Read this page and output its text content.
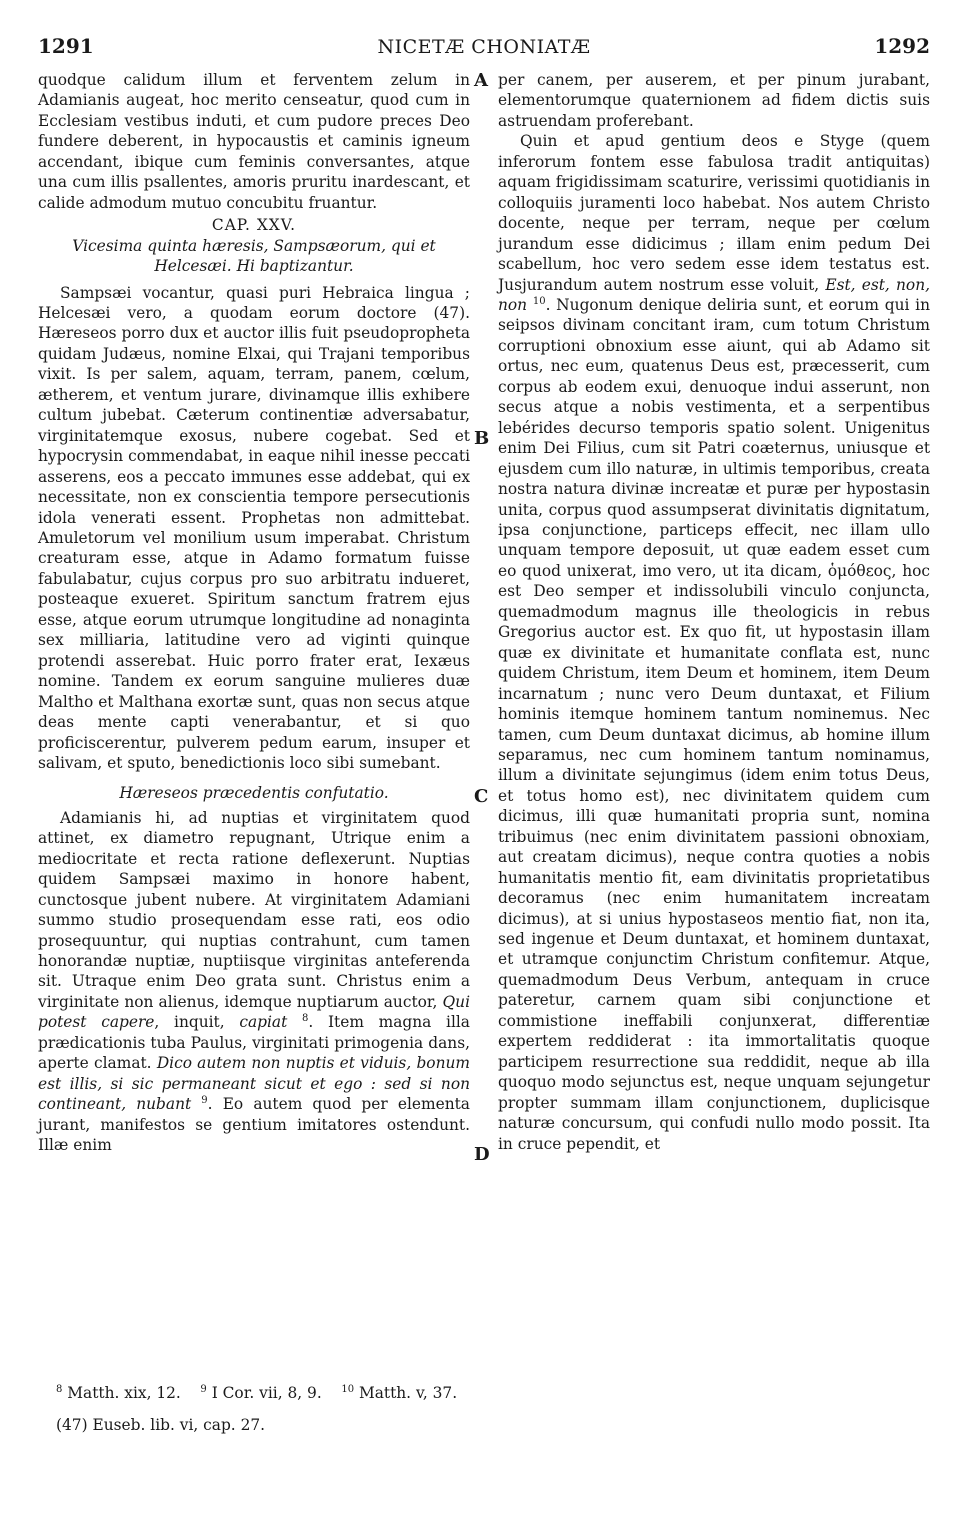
1291	NICETÆ CHONIATÆ	1292

quodque calidum illum et ferventem zelum in Adamianis augeat, hoc merito censeatur, quod cum in Ecclesiam vestibus induti, et cum pudore preces Deo fundere deberent, in hypocaustis et caminis igneum accendant, ibique cum feminis conversantes, atque una cum illis psallentes, amoris pruritu inardescant, et calide admodum mutuo concubitu fruantur.

CAP. XXV.
Vicesima quinta hæresis, Sampsæorum, qui et Helcesæi. Hi baptizantur.

Sampsæi vocantur, quasi puri Hebraica lingua ; Helcesæi vero, a quodam eorum doctore (47). Hæreseos porro dux et auctor illis fuit pseudopropheta quidam Judæus, nomine Elxai, qui Trajani temporibus vixit. Is per salem, aquam, terram, panem, cœlum, ætherem, et ventum jurare, divinamque illis exhibere cultum jubebat. Cæterum continentiæ adversabatur, virginitatemque exosus, nubere cogebat. Sed et hypocrysin commendabat, in eaque nihil inesse peccati asserens, eos a peccato immunes esse addebat, qui ex necessitate, non ex conscientia tempore persecutionis idola venerati essent. Prophetas non admittebat. Amuletorum vel monilium usum imperabat. Christum creaturam esse, atque in Adamo formatum fuisse fabulabatur, cujus corpus pro suo arbitratu indueret, posteaque exueret. Spiritum sanctum fratrem ejus esse, atque eorum utrumque longitudine ad nonaginta sex milliaria, latitudine vero ad viginti quinque protendi asserebat. Huic porro frater erat, Iexæus nomine. Tandem ex eorum sanguine mulieres duæ Maltho et Malthana exortæ sunt, quas non secus atque deas mente capti venerabantur, et si quo proficiscerentur, pulverem pedum earum, insuper et salivam, et sputo, benedictionis loco sibi sumebant.

Hæreseos præcedentis confutatio.

Adamianis hi, ad nuptias et virginitatem quod attinet, ex diametro repugnant, Utrique enim a mediocritate et recta ratione deflexerunt. Nuptias quidem Sampsæi maximo in honore habent, cunctosque jubent nubere. At virginitatem Adamiani summo studio prosequendam esse rati, eos odio prosequuntur, qui nuptias contrahunt, cum tamen honorandæ nuptiæ, nuptiisque virginitas anteferenda sit. Utraque enim Deo grata sunt. Christus enim a virginitate non alienus, idemque nuptiarum auctor, Qui potest capere, inquit, capiat $^8$. Item magna illa prædicationis tuba Paulus, virginitati primogenia dans, aperte clamat. Dico autem non nuptis et viduis, bonum est illis, si sic permaneant sicut et ego : sed si non contineant, nubant $^9$. Eo autem quod per elementa jurant, manifestos se gentium imitatores ostendunt. Illæ enim

per canem, per auserem, et per pinum jurabant, elementorumque quaternionem ad fidem dictis suis astruendam proferebant.

Quin et apud gentium deos e Styge (quem inferorum fontem esse fabulosa tradit antiquitas) aquam frigidissimam scaturire, verissimi quotidianis in colloquiis juramenti loco habebat. Nos autem Christo docente, neque per terram, neque per cœlum jurandum esse didicimus ; illam enim pedum Dei scabellum, hoc vero sedem esse idem testatus est. Jusjurandum autem nostrum esse voluit, Est, est, non, non $^{10}$. Nugonum denique deliria sunt, et eorum qui in seipsos divinam concitant iram, cum totum Christum corruptioni obnoxium esse aiunt, qui ab Adamo sit ortus, nec eum, quatenus Deus est, præcesserit, cum corpus ab eodem exui, denuoque indui asserunt, non secus atque a nobis vestimenta, et a serpentibus lebérides decurso temporis spatio solent. Unigenitus enim Dei Filius, cum sit Patri coæternus, uniusque et ejusdem cum illo naturæ, in ultimis temporibus, creata nostra natura divinæ increatæ et puræ per hypostasin unita, corpus quod assumpserat divinitatis dignitatum, ipsa conjunctione, particeps effecit, nec illam ullo unquam tempore deposuit, ut quæ eadem esset cum eo quod unixerat, imo vero, ut ita dicam, ὁμόθεος, hoc est Deo semper et indissolubili vinculo conjuncta, quemadmodum magnus ille theologicis in rebus Gregorius auctor est. Ex quo fit, ut hypostasin illam quæ ex divinitate et humanitate conflata est, nunc quidem Christum, item Deum et hominem, item Deum incarnatum ; nunc vero Deum duntaxat, et Filium hominis itemque hominem tantum nominemus. Nec tamen, cum Deum duntaxat dicimus, ab homine illum separamus, nec cum hominem tantum nominamus, illum a divinitate sejungimus (idem enim totus Deus, et totus homo est), nec divinitatem quidem cum dicimus, illi quæ humanitati propria sunt, nomina tribuimus (nec enim divinitatem passioni obnoxiam, aut creatam dicimus), neque contra quoties a nobis humanitatis mentio fit, eam divinitatis proprietatibus decoramus (nec enim humanitatem increatam dicimus), at si unius hypostaseos mentio fiat, non ita, sed ingenue et Deum duntaxat, et hominem duntaxat, et utramque conjunctim Christum confitemur. Atque, quemadmodum Deus Verbum, antequam in cruce pateretur, carnem quam sibi conjunctione et commistione ineffabili conjunxerat, differentiæ expertem reddiderat : ita immortalitatis quoque participem resurrectione sua reddidit, neque ab illa quoquo modo sejunctus est, neque unquam sejungetur propter summam illam conjunctionem, duplicisque naturæ concursum, qui confudi nullo modo possit. Ita in cruce pependit, et

A
B
C
D
$^8$ Matth. xix, 12. $^9$ I Cor. vii, 8, 9. $^{10}$ Matth. v, 37.
(47) Euseb. lib. vi, cap. 27.
